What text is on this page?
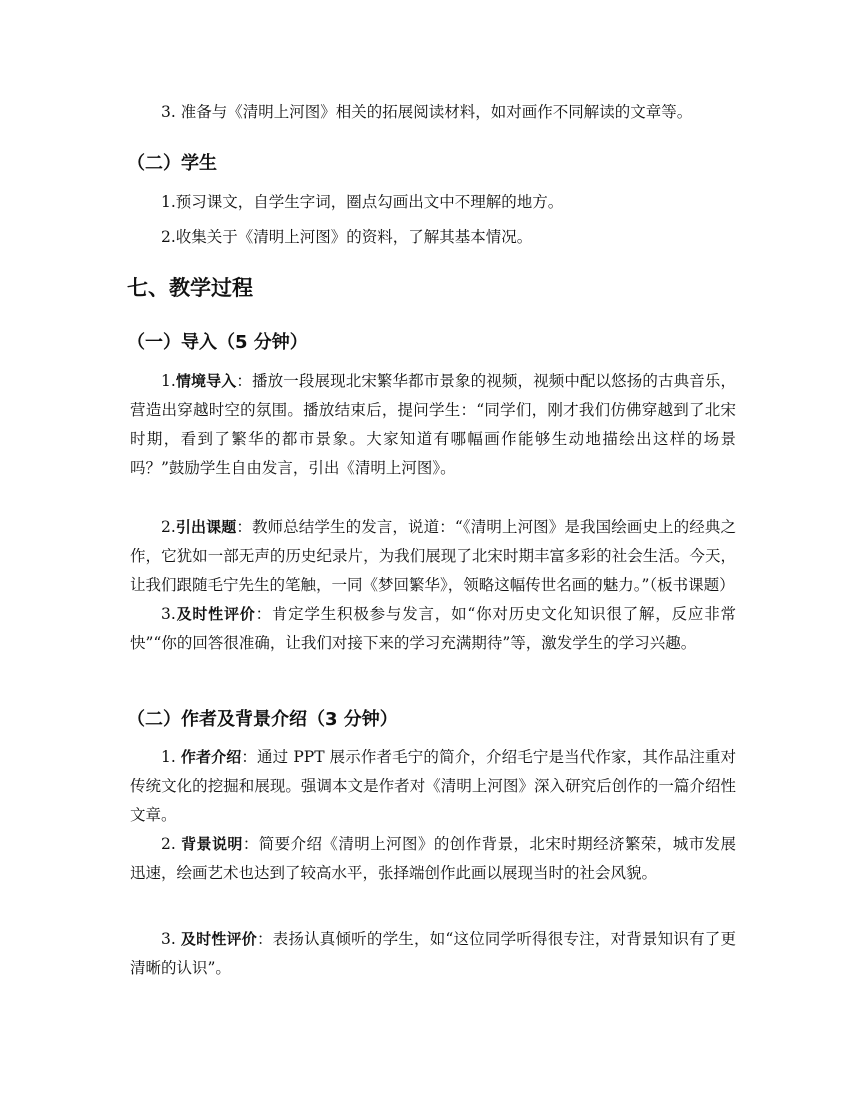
3. 准备与《清明上河图》相关的拓展阅读材料，如对画作不同解读的文章等。

（二）学生

1.预习课文，自学生字词，圈点勾画出文中不理解的地方。

2.收集关于《清明上河图》的资料，了解其基本情况。

七、教学过程
（一）导入（5 分钟）

1.情境导入：播放一段展现北宋繁华都市景象的视频，视频中配以悠扬的古典音乐，营造出穿越时空的氛围。播放结束后，提问学生：“同学们，刚才我们仿佛穿越到了北宋时期，看到了繁华的都市景象。大家知道有哪幅画作能够生动地描绘出这样的场景吗？”鼓励学生自由发言，引出《清明上河图》。

2.引出课题：教师总结学生的发言，说道：“《清明上河图》是我国绘画史上的经典之作，它犹如一部无声的历史纪录片，为我们展现了北宋时期丰富多彩的社会生活。今天，让我们跟随毛宁先生的笔触，一同《梦回繁华》，领略这幅传世名画的魅力。”（板书课题）

3.及时性评价：肯定学生积极参与发言，如“你对历史文化知识很了解，反应非常快”“你的回答很准确，让我们对接下来的学习充满期待”等，激发学生的学习兴趣。

（二）作者及背景介绍（3 分钟）

1. 作者介绍：通过 PPT 展示作者毛宁的简介，介绍毛宁是当代作家，其作品注重对传统文化的挖掘和展现。强调本文是作者对《清明上河图》深入研究后创作的一篇介绍性文章。

2. 背景说明：简要介绍《清明上河图》的创作背景，北宋时期经济繁荣，城市发展迅速，绘画艺术也达到了较高水平，张择端创作此画以展现当时的社会风貌。

3. 及时性评价：表扬认真倾听的学生，如“这位同学听得很专注，对背景知识有了更清晰的认识”。
